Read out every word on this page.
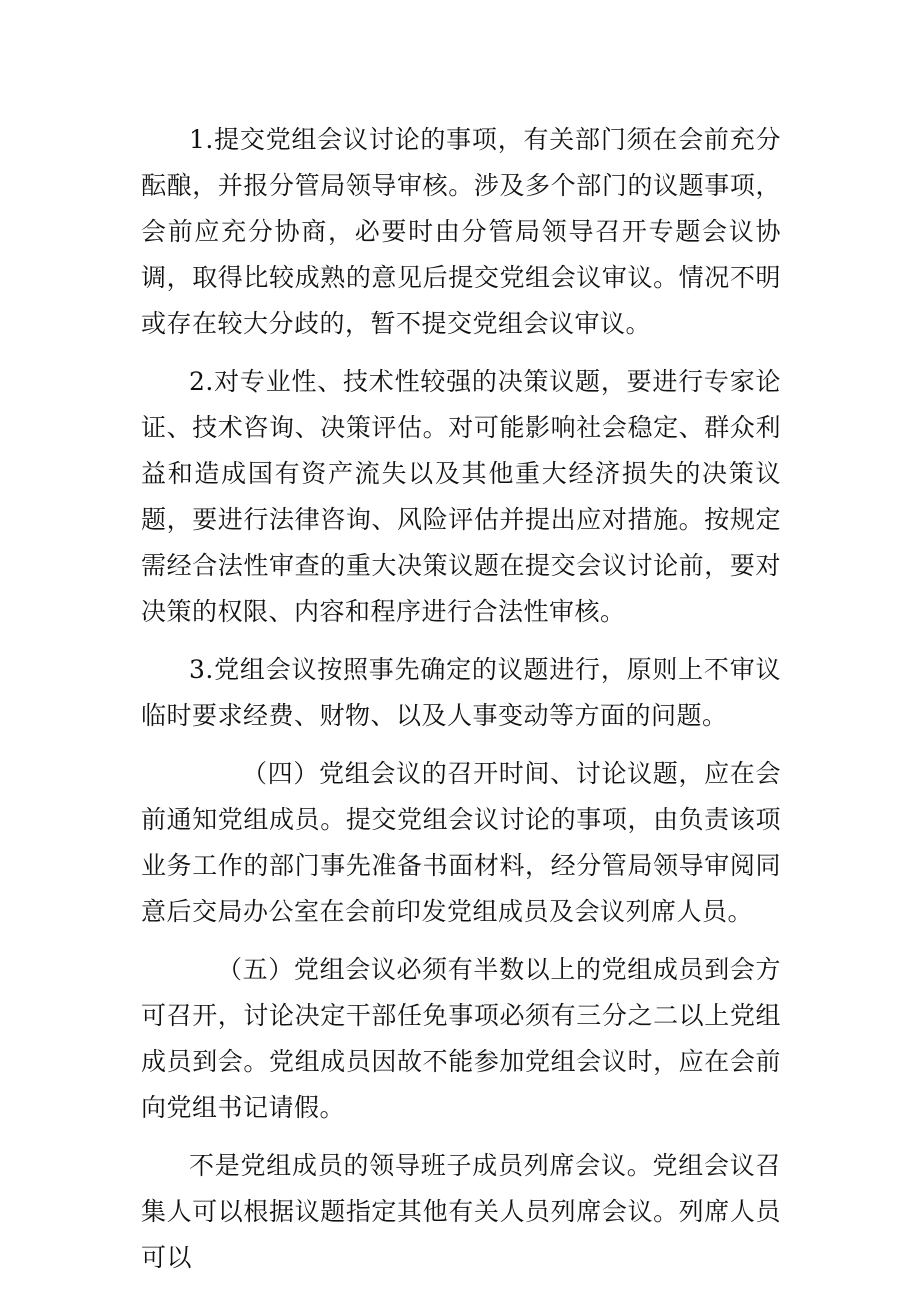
1.提交党组会议讨论的事项，有关部门须在会前充分酝酿，并报分管局领导审核。涉及多个部门的议题事项，会前应充分协商，必要时由分管局领导召开专题会议协调，取得比较成熟的意见后提交党组会议审议。情况不明或存在较大分歧的，暂不提交党组会议审议。

2.对专业性、技术性较强的决策议题，要进行专家论证、技术咨询、决策评估。对可能影响社会稳定、群众利益和造成国有资产流失以及其他重大经济损失的决策议题，要进行法律咨询、风险评估并提出应对措施。按规定需经合法性审查的重大决策议题在提交会议讨论前，要对决策的权限、内容和程序进行合法性审核。

3.党组会议按照事先确定的议题进行，原则上不审议临时要求经费、财物、以及人事变动等方面的问题。

（四）党组会议的召开时间、讨论议题，应在会前通知党组成员。提交党组会议讨论的事项，由负责该项业务工作的部门事先准备书面材料，经分管局领导审阅同意后交局办公室在会前印发党组成员及会议列席人员。

（五）党组会议必须有半数以上的党组成员到会方可召开，讨论决定干部任免事项必须有三分之二以上党组成员到会。党组成员因故不能参加党组会议时，应在会前向党组书记请假。

不是党组成员的领导班子成员列席会议。党组会议召集人可以根据议题指定其他有关人员列席会议。列席人员可以
